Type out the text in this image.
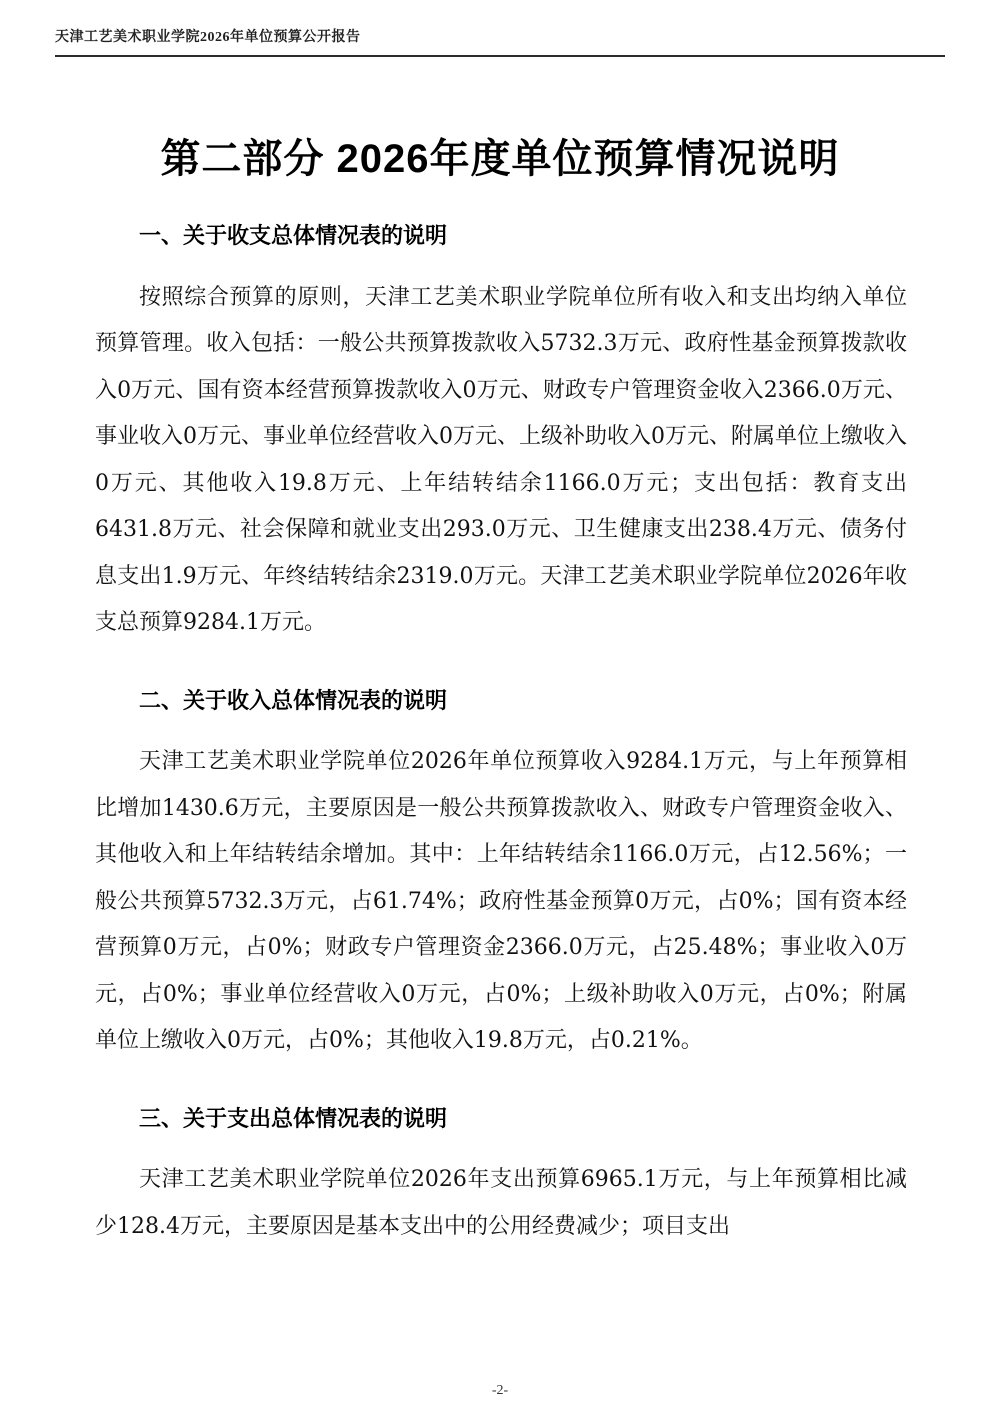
天津工艺美术职业学院2026年单位预算公开报告
第二部分 2026年度单位预算情况说明
一、关于收支总体情况表的说明

按照综合预算的原则，天津工艺美术职业学院单位所有收入和支出均纳入单位预算管理。收入包括：一般公共预算拨款收入5732.3万元、政府性基金预算拨款收入0万元、国有资本经营预算拨款收入0万元、财政专户管理资金收入2366.0万元、事业收入0万元、事业单位经营收入0万元、上级补助收入0万元、附属单位上缴收入0万元、其他收入19.8万元、上年结转结余1166.0万元；支出包括：教育支出6431.8万元、社会保障和就业支出293.0万元、卫生健康支出238.4万元、债务付息支出1.9万元、年终结转结余2319.0万元。天津工艺美术职业学院单位2026年收支总预算9284.1万元。

二、关于收入总体情况表的说明

天津工艺美术职业学院单位2026年单位预算收入9284.1万元，与上年预算相比增加1430.6万元，主要原因是一般公共预算拨款收入、财政专户管理资金收入、其他收入和上年结转结余增加。其中：上年结转结余1166.0万元，占12.56%；一般公共预算5732.3万元，占61.74%；政府性基金预算0万元，占0%；国有资本经营预算0万元，占0%；财政专户管理资金2366.0万元，占25.48%；事业收入0万元，占0%；事业单位经营收入0万元，占0%；上级补助收入0万元，占0%；附属单位上缴收入0万元，占0%；其他收入19.8万元，占0.21%。

三、关于支出总体情况表的说明

天津工艺美术职业学院单位2026年支出预算6965.1万元，与上年预算相比减少128.4万元，主要原因是基本支出中的公用经费减少；项目支出

-2-
